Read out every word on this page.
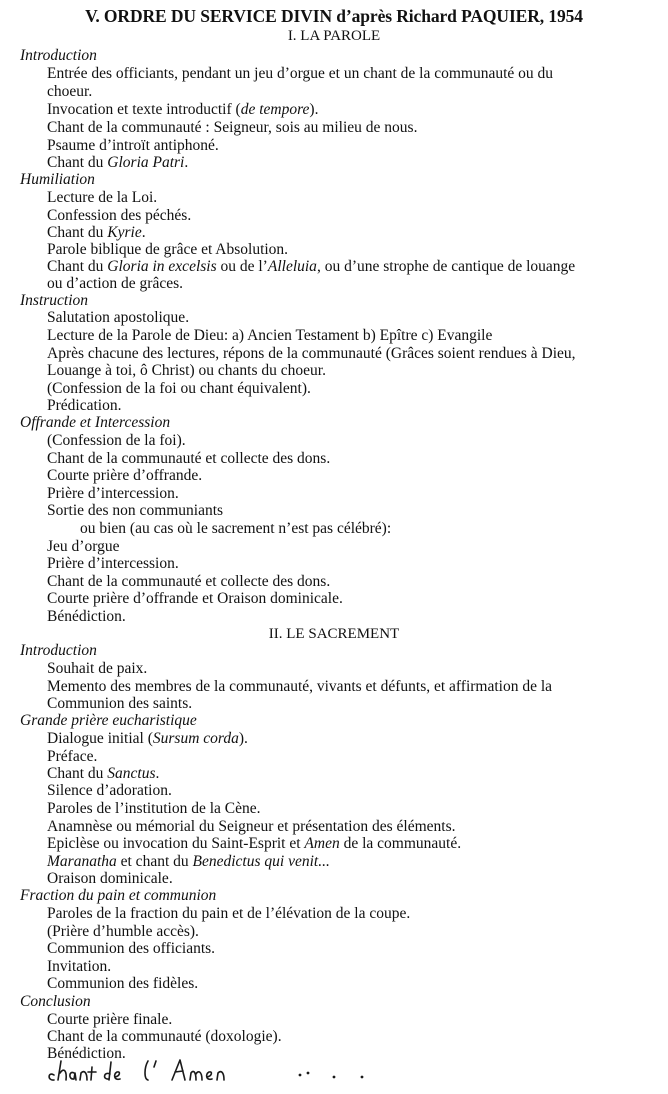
V. ORDRE DU SERVICE DIVIN d’après Richard PAQUIER, 1954
I. LA PAROLE
Introduction
Entrée des officiants, pendant un jeu d’orgue et un chant de la communauté ou du
choeur.
Invocation et texte introductif (de tempore).
Chant de la communauté : Seigneur, sois au milieu de nous.
Psaume d’introït antiphoné.
Chant du Gloria Patri.
Humiliation
Lecture de la Loi.
Confession des péchés.
Chant du Kyrie.
Parole biblique de grâce et Absolution.
Chant du Gloria in excelsis ou de l’Alleluia, ou d’une strophe de cantique de louange
ou d’action de grâces.
Instruction
Salutation apostolique.
Lecture de la Parole de Dieu: a) Ancien Testament b) Epître c) Evangile
Après chacune des lectures, répons de la communauté (Grâces soient rendues à Dieu,
Louange à toi, ô Christ) ou chants du choeur.
(Confession de la foi ou chant équivalent).
Prédication.
Offrande et Intercession
(Confession de la foi).
Chant de la communauté et collecte des dons.
Courte prière d’offrande.
Prière d’intercession.
Sortie des non communiants
ou bien (au cas où le sacrement n’est pas célébré):
Jeu d’orgue
Prière d’intercession.
Chant de la communauté et collecte des dons.
Courte prière d’offrande et Oraison dominicale.
Bénédiction.
II. LE SACREMENT
Introduction
Souhait de paix.
Memento des membres de la communauté, vivants et défunts, et affirmation de la
Communion des saints.
Grande prière eucharistique
Dialogue initial (Sursum corda).
Préface.
Chant du Sanctus.
Silence d’adoration.
Paroles de l’institution de la Cène.
Anamnèse ou mémorial du Seigneur et présentation des éléments.
Epiclèse ou invocation du Saint-Esprit et Amen de la communauté.
Maranatha et chant du Benedictus qui venit...
Oraison dominicale.
Fraction du pain et communion
Paroles de la fraction du pain et de l’élévation de la coupe.
(Prière d’humble accès).
Communion des officiants.
Invitation.
Communion des fidèles.
Conclusion
Courte prière finale.
Chant de la communauté (doxologie).
Bénédiction.
